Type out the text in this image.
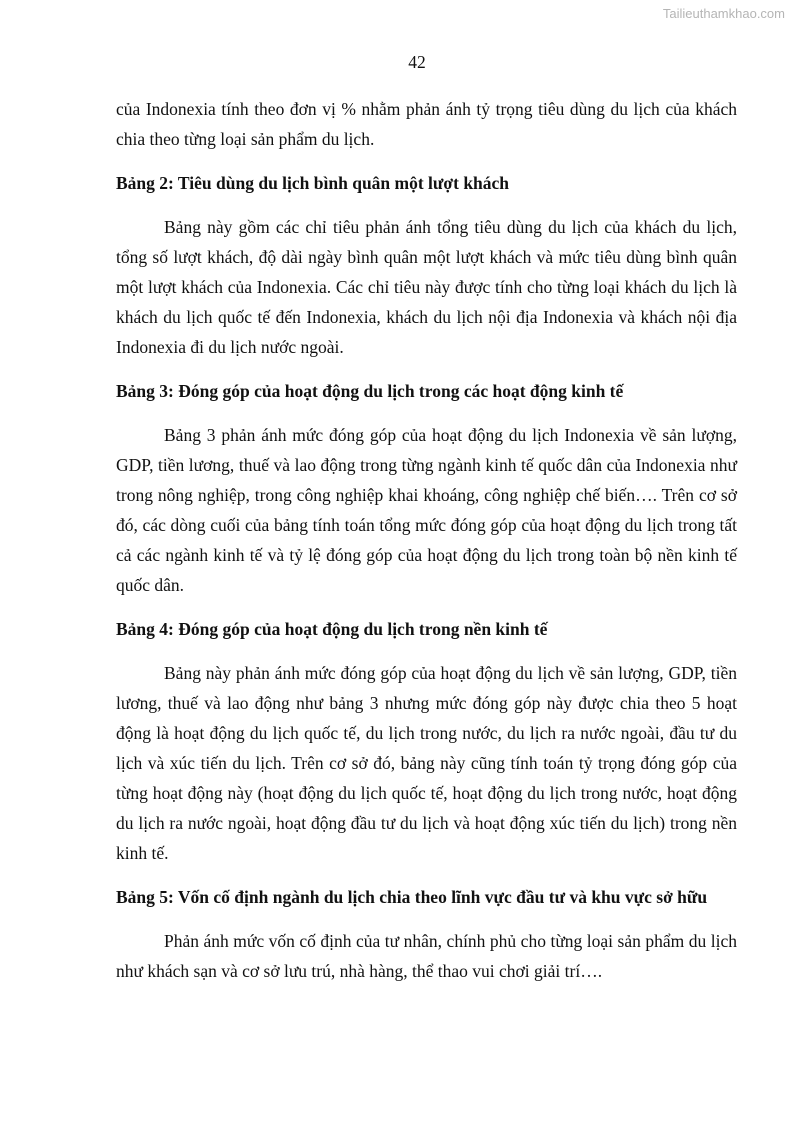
Tailieuthamkhao.com
42

của Indonexia tính theo đơn vị % nhằm phản ánh tỷ trọng tiêu dùng du lịch của khách chia theo từng loại sản phẩm du lịch.

Bảng 2: Tiêu dùng du lịch bình quân một lượt khách

Bảng này gồm các chỉ tiêu phản ánh tổng tiêu dùng du lịch của khách du lịch, tổng số lượt khách, độ dài ngày bình quân một lượt khách và mức tiêu dùng bình quân một lượt khách của Indonexia. Các chỉ tiêu này được tính cho từng loại khách du lịch là khách du lịch quốc tế đến Indonexia, khách du lịch nội địa Indonexia và khách nội địa Indonexia đi du lịch nước ngoài.

Bảng 3: Đóng góp của hoạt động du lịch trong các hoạt động kinh tế

Bảng 3 phản ánh mức đóng góp của hoạt động du lịch Indonexia về sản lượng, GDP, tiền lương, thuế và lao động trong từng ngành kinh tế quốc dân của Indonexia như trong nông nghiệp, trong công nghiệp khai khoáng, công nghiệp chế biến…. Trên cơ sở đó, các dòng cuối của bảng tính toán tổng mức đóng góp của hoạt động du lịch trong tất cả các ngành kinh tế và tỷ lệ đóng góp của hoạt động du lịch trong toàn bộ nền kinh tế quốc dân.

Bảng 4: Đóng góp của hoạt động du lịch trong nền kinh tế

Bảng này phản ánh mức đóng góp của hoạt động du lịch về sản lượng, GDP, tiền lương, thuế và lao động như bảng 3 nhưng mức đóng góp này được chia theo 5 hoạt động là hoạt động du lịch quốc tế, du lịch trong nước, du lịch ra nước ngoài, đầu tư du lịch và xúc tiến du lịch. Trên cơ sở đó, bảng này cũng tính toán tỷ trọng đóng góp của từng hoạt động này (hoạt động du lịch quốc tế, hoạt động du lịch trong nước, hoạt động du lịch ra nước ngoài, hoạt động đầu tư du lịch và hoạt động xúc tiến du lịch) trong nền kinh tế.

Bảng 5: Vốn cố định ngành du lịch chia theo lĩnh vực đầu tư và khu vực sở hữu

Phản ánh mức vốn cố định của tư nhân, chính phủ cho từng loại sản phẩm du lịch như khách sạn và cơ sở lưu trú, nhà hàng, thể thao vui chơi giải trí….
